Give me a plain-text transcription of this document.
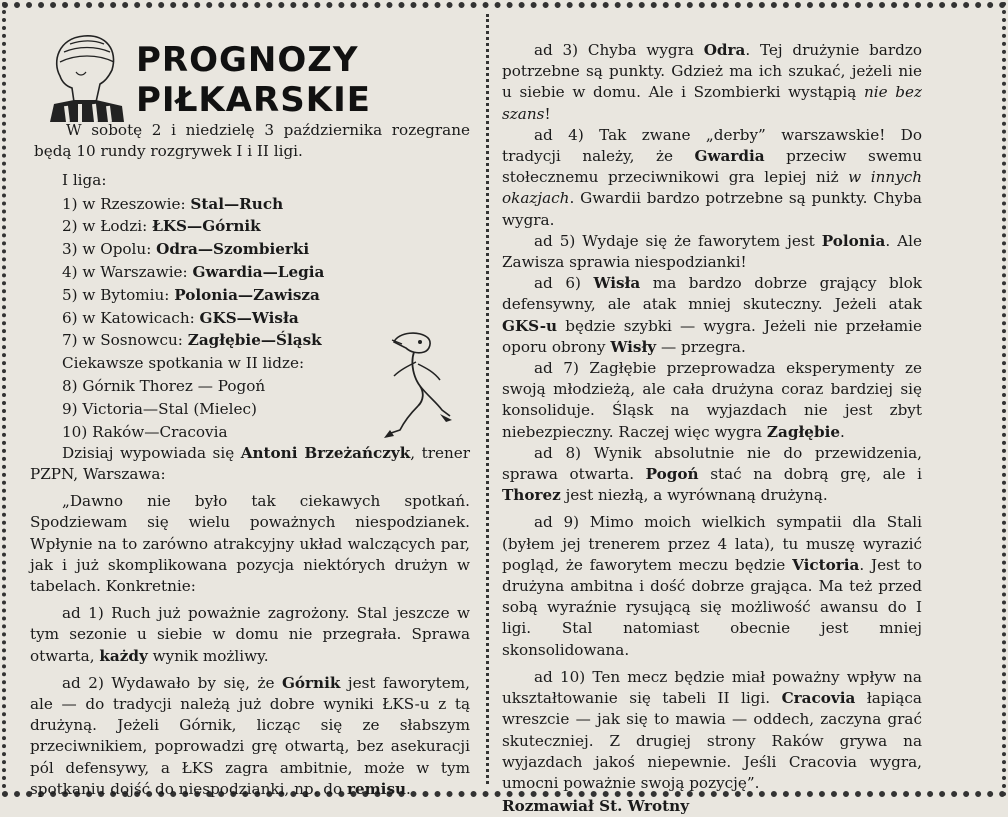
PROGNOZY
PIŁKARSKIE

W sobotę 2 i niedzielę 3 października rozegrane będą 10 rundy rozgrywek I i II ligi.

I liga:

1) w Rzeszowie: Stal—Ruch

2) w Łodzi: ŁKS—Górnik

3) w Opolu: Odra—Szombierki

4) w Warszawie: Gwardia—Legia

5) w Bytomiu: Polonia—Zawisza

6) w Katowicach: GKS—Wisła

7) w Sosnowcu: Zagłębie—Śląsk

Ciekawsze spotkania w II lidze:

8) Górnik Thorez — Pogoń

9) Victoria—Stal (Mielec)

10) Raków—Cracovia

Dzisiaj wypowiada się Antoni Brzeżańczyk, trener PZPN, Warszawa:

„Dawno nie było tak ciekawych spotkań. Spodziewam się wielu poważnych niespodzianek. Wpłynie na to zarówno atrakcyjny układ walczących par, jak i już skomplikowana pozycja niektórych drużyn w tabelach. Konkretnie:

ad 1) Ruch już poważnie zagrożony. Stal jeszcze w tym sezonie u siebie w domu nie przegrała. Sprawa otwarta, każdy wynik możliwy.

ad 2) Wydawało by się, że Górnik jest faworytem, ale — do tradycji należą już dobre wyniki ŁKS-u z tą drużyną. Jeżeli Górnik, licząc się ze słabszym przeciwnikiem, poprowadzi grę otwartą, bez asekuracji pól defensywy, a ŁKS zagra ambitnie, może w tym spotkaniu dojść do niespodzianki, np. do remisu.

ad 3) Chyba wygra Odra. Tej drużynie bardzo potrzebne są punkty. Gdzież ma ich szukać, jeżeli nie u siebie w domu. Ale i Szombierki wystąpią nie bez szans!

ad 4) Tak zwane „derby” warszawskie! Do tradycji należy, że Gwardia przeciw swemu stołecznemu przeciwnikowi gra lepiej niż w innych okazjach. Gwardii bardzo potrzebne są punkty. Chyba wygra.

ad 5) Wydaje się że faworytem jest Polonia. Ale Zawisza sprawia niespodzianki!

ad 6) Wisła ma bardzo dobrze grający blok defensywny, ale atak mniej skuteczny. Jeżeli atak GKS-u będzie szybki — wygra. Jeżeli nie przełamie oporu obrony Wisły — przegra.

ad 7) Zagłębie przeprowadza eksperymenty ze swoją młodzieżą, ale cała drużyna coraz bardziej się konsoliduje. Śląsk na wyjazdach nie jest zbyt niebezpieczny. Raczej więc wygra Zagłębie.

ad 8) Wynik absolutnie nie do przewidzenia, sprawa otwarta. Pogoń stać na dobrą grę, ale i Thorez jest niezłą, a wyrównaną drużyną.

ad 9) Mimo moich wielkich sympatii dla Stali (byłem jej trenerem przez 4 lata), tu muszę wyrazić pogląd, że faworytem meczu będzie Victoria. Jest to drużyna ambitna i dość dobrze grająca. Ma też przed sobą wyraźnie rysującą się możliwość awansu do I ligi. Stal natomiast obecnie jest mniej skonsolidowana.

ad 10) Ten mecz będzie miał poważny wpływ na ukształtowanie się tabeli II ligi. Cracovia łapiąca wreszcie — jak się to mawia — oddech, zaczyna grać skuteczniej. Z drugiej strony Raków grywa na wyjazdach jakoś niepewnie. Jeśli Cracovia wygra, umocni poważnie swoją pozycję”.

Rozmawiał St. Wrotny
